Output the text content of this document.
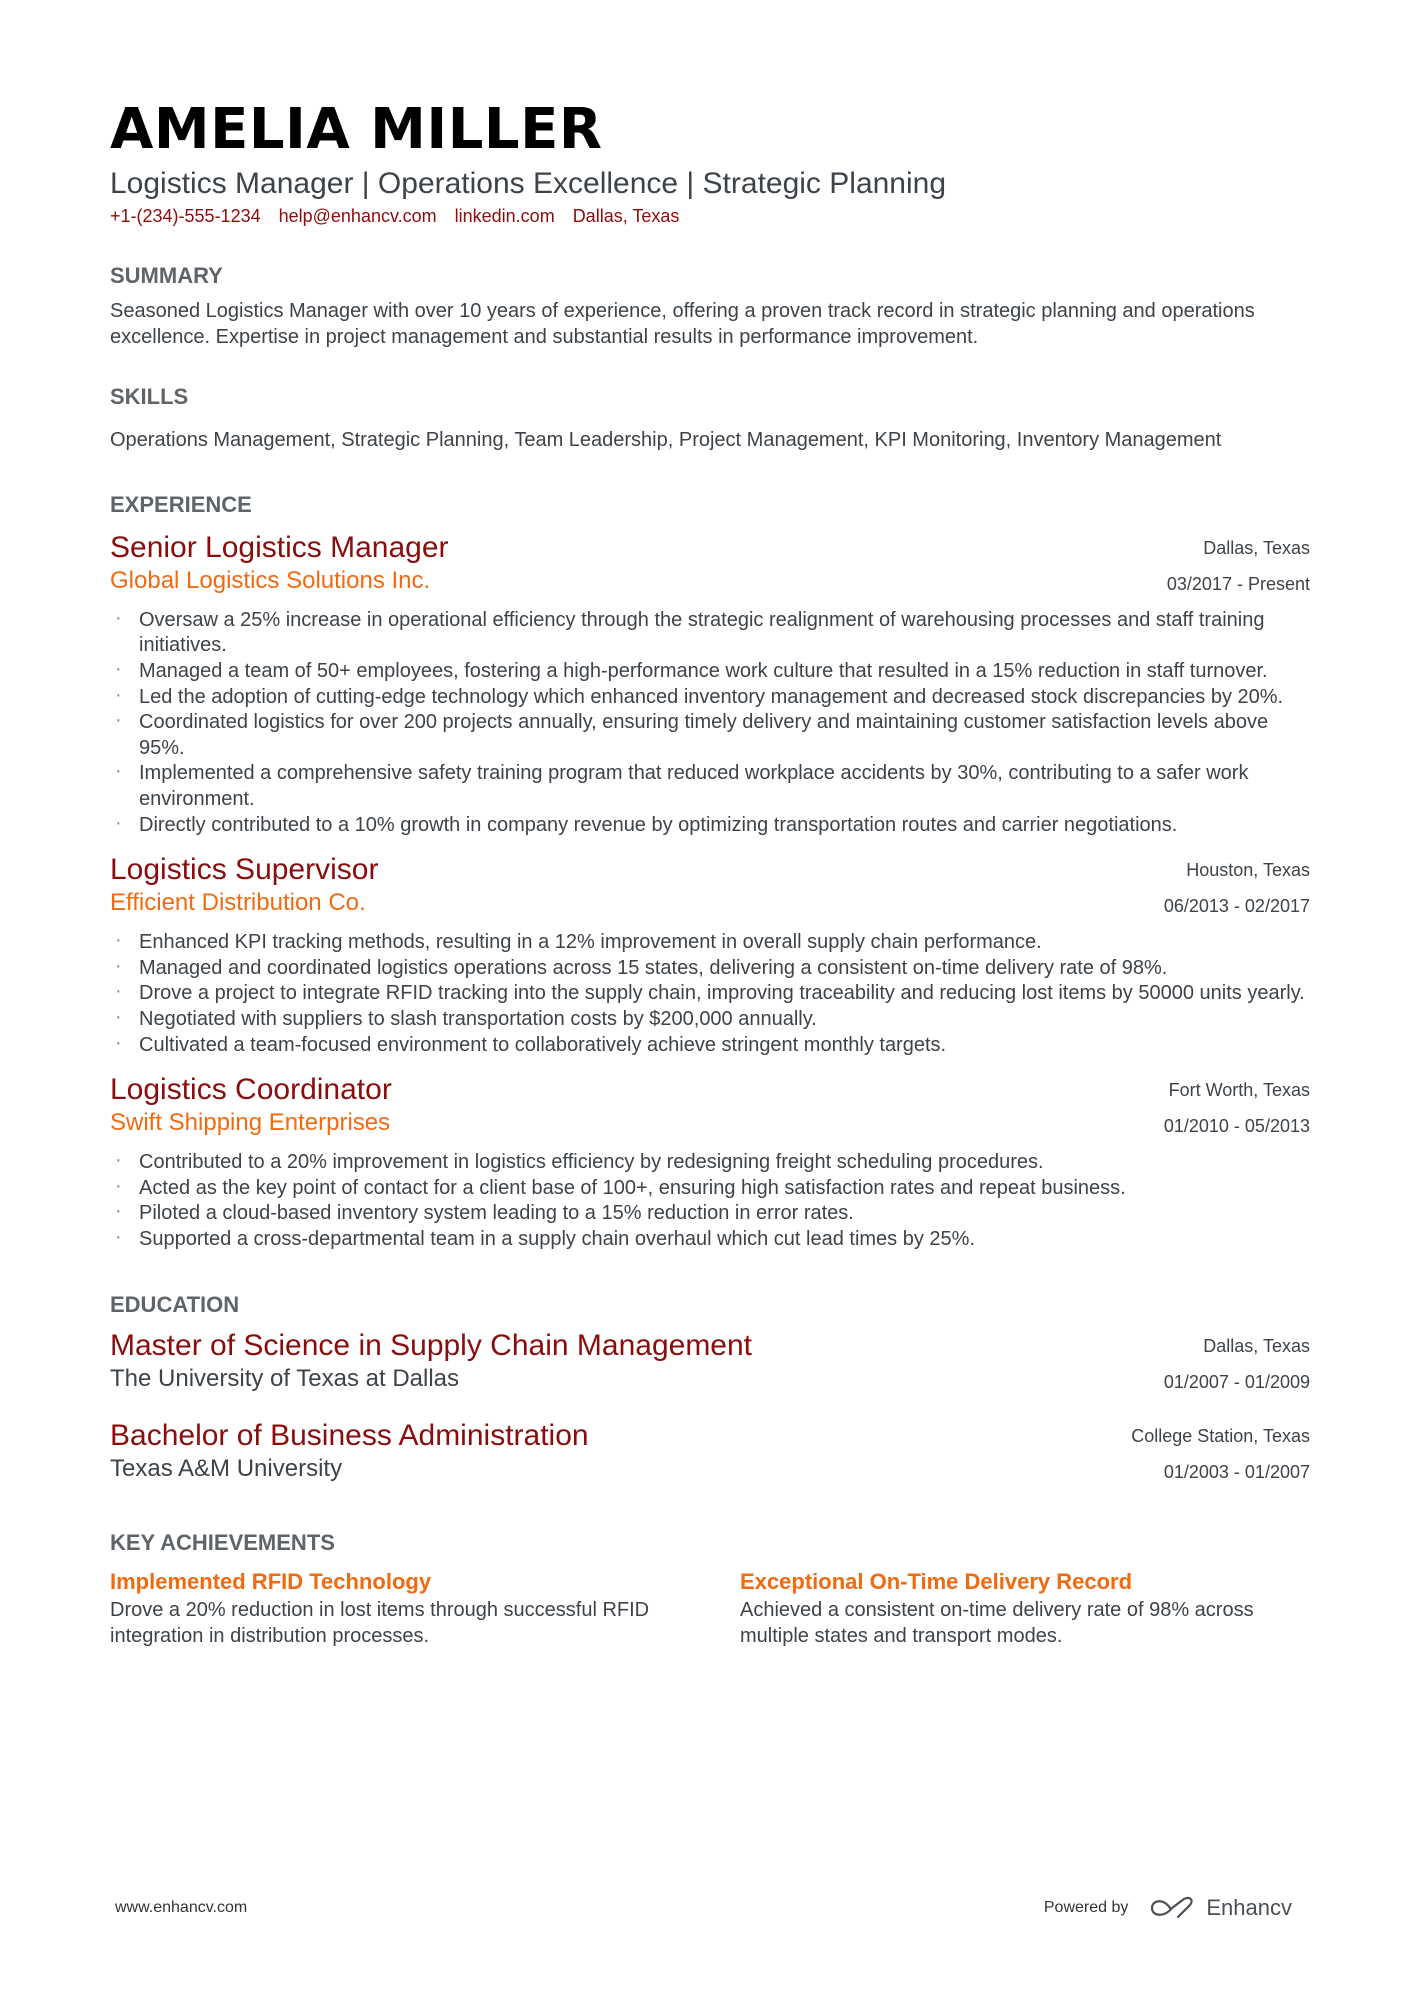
AMELIA MILLER
Logistics Manager | Operations Excellence | Strategic Planning
+1-(234)-555-1234 help@enhancv.com linkedin.com Dallas, Texas
SUMMARY
Seasoned Logistics Manager with over 10 years of experience, offering a proven track record in strategic planning and operations excellence. Expertise in project management and substantial results in performance improvement.
SKILLS
Operations Management, Strategic Planning, Team Leadership, Project Management, KPI Monitoring, Inventory Management
EXPERIENCE
Senior Logistics Manager
Global Logistics Solutions Inc.
Dallas, Texas
03/2017 - Present
· Oversaw a 25% increase in operational efficiency through the strategic realignment of warehousing processes and staff training initiatives.
· Managed a team of 50+ employees, fostering a high-performance work culture that resulted in a 15% reduction in staff turnover.
· Led the adoption of cutting-edge technology which enhanced inventory management and decreased stock discrepancies by 20%.
· Coordinated logistics for over 200 projects annually, ensuring timely delivery and maintaining customer satisfaction levels above 95%.
· Implemented a comprehensive safety training program that reduced workplace accidents by 30%, contributing to a safer work environment.
· Directly contributed to a 10% growth in company revenue by optimizing transportation routes and carrier negotiations.
Logistics Supervisor
Efficient Distribution Co.
Houston, Texas
06/2013 - 02/2017
· Enhanced KPI tracking methods, resulting in a 12% improvement in overall supply chain performance.
· Managed and coordinated logistics operations across 15 states, delivering a consistent on-time delivery rate of 98%.
· Drove a project to integrate RFID tracking into the supply chain, improving traceability and reducing lost items by 50000 units yearly.
· Negotiated with suppliers to slash transportation costs by $200,000 annually.
· Cultivated a team-focused environment to collaboratively achieve stringent monthly targets.
Logistics Coordinator
Swift Shipping Enterprises
Fort Worth, Texas
01/2010 - 05/2013
· Contributed to a 20% improvement in logistics efficiency by redesigning freight scheduling procedures.
· Acted as the key point of contact for a client base of 100+, ensuring high satisfaction rates and repeat business.
· Piloted a cloud-based inventory system leading to a 15% reduction in error rates.
· Supported a cross-departmental team in a supply chain overhaul which cut lead times by 25%.
EDUCATION
Master of Science in Supply Chain Management
The University of Texas at Dallas
Dallas, Texas
01/2007 - 01/2009
Bachelor of Business Administration
Texas A&M University
College Station, Texas
01/2003 - 01/2007
KEY ACHIEVEMENTS
Implemented RFID Technology
Drove a 20% reduction in lost items through successful RFID integration in distribution processes.
Exceptional On-Time Delivery Record
Achieved a consistent on-time delivery rate of 98% across multiple states and transport modes.
www.enhancv.com	Powered by	Enhancv
